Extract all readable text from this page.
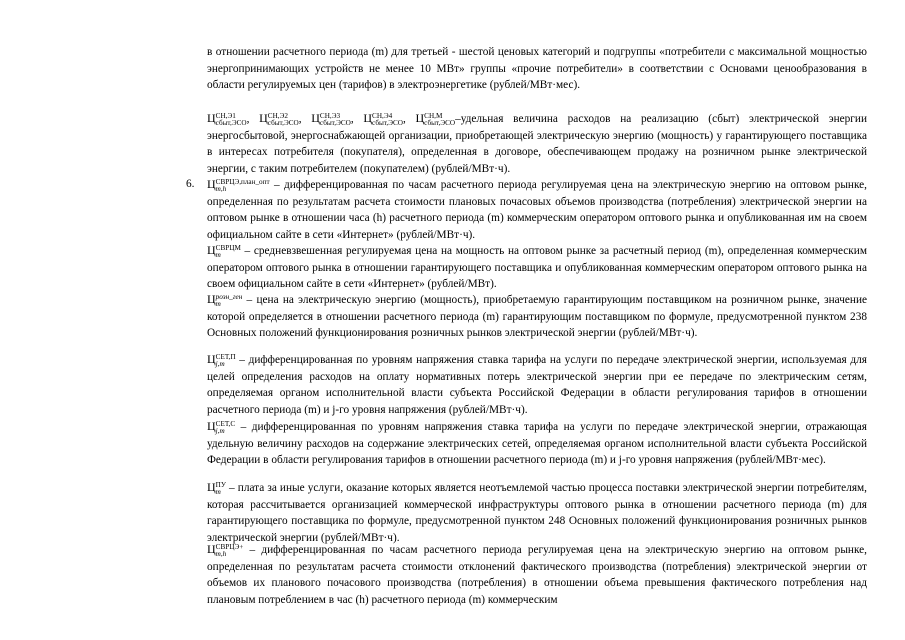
в отношении расчетного периода (m) для третьей - шестой ценовых категорий и подгруппы «потребители с максимальной мощностью энергопринимающих устройств не менее 10 МВт» группы «прочие потребители» в соответствии с Основами ценообразования в области регулируемых цен (тарифов) в электроэнергетике (рублей/МВт·мес).

Ц СН,Э1
сбыт,ЭСО , Ц СН,Э2
сбыт,ЭСО , Ц СН,Э3
сбыт,ЭСО , Ц СН,Э4
сбыт,ЭСО , Ц СН,М
сбыт,ЭСО –удельная величина расходов на реализацию (сбыт) электрической энергии энергосбытовой, энергоснабжающей организации, приобретающей электрическую энергию (мощность) у гарантирующего поставщика в интересах потребителя (покупателя), определенная в договоре, обеспечивающем продажу на розничном рынке электрической энергии, с таким потребителем (покупателем) (рублей/МВт·ч).

6. Ц СВРЦЭ,план_опт
m,h	– дифференцированная по часам расчетного периода регулируемая цена на электрическую энергию на оптовом рынке, определенная по результатам расчета стоимости плановых почасовых объемов производства (потребления) электрической энергии на оптовом рынке в отношении часа (h) расчетного периода (m) коммерческим оператором оптового рынка и опубликованная им на своем официальном сайте в сети «Интернет» (рублей/МВт·ч).

Ц СВРЦМ
m	– средневзвешенная регулируемая цена на мощность на оптовом рынке за расчетный период (m), определенная коммерческим оператором оптового рынка в отношении гарантирующего поставщика и опубликованная коммерческим оператором оптового рынка на своем официальном сайте в сети «Интернет» (рублей/МВт).

Ц розн_ген
m	– цена на электрическую энергию (мощность), приобретаемую гарантирующим поставщиком на розничном рынке, значение которой определяется в отношении расчетного периода (m) гарантирующим поставщиком по формуле, предусмотренной пунктом 238 Основных положений функционирования розничных рынков электрической энергии (рублей/МВт·ч).

Ц СЕТ,П
j,m – дифференцированная по уровням напряжения ставка тарифа на услуги по передаче электрической энергии, используемая для целей определения расходов на оплату нормативных потерь электрической энергии при ее передаче по электрическим сетям, определяемая органом исполнительной власти субъекта Российской Федерации в области регулирования тарифов в отношении расчетного периода (m) и j-го уровня напряжения (рублей/МВт·ч).

Ц СЕТ,С
j,m – дифференцированная по уровням напряжения ставка тарифа на услуги по передаче электрической энергии, отражающая удельную величину расходов на содержание электрических сетей, определяемая органом исполнительной власти субъекта Российской Федерации в области регулирования тарифов в отношении расчетного периода (m) и j-го уровня напряжения (рублей/МВт·мес).

Ц ПУ
m – плата за иные услуги, оказание которых является неотъемлемой частью процесса поставки электрической энергии потребителям, которая рассчитывается организацией коммерческой инфраструктуры оптового рынка в отношении расчетного периода (m) для гарантирующего поставщика по формуле, предусмотренной пунктом 248 Основных положений функционирования розничных рынков электрической энергии (рублей/МВт·ч).

Ц СВРЦЭ+
m,h	– дифференцированная по часам расчетного периода регулируемая цена на электрическую энергию на оптовом рынке, определенная по результатам расчета стоимости отклонений фактического производства (потребления) электрической энергии от объемов их планового почасового производства (потребления) в отношении объема превышения фактического потребления над плановым потреблением в час (h) расчетного периода (m) коммерческим
